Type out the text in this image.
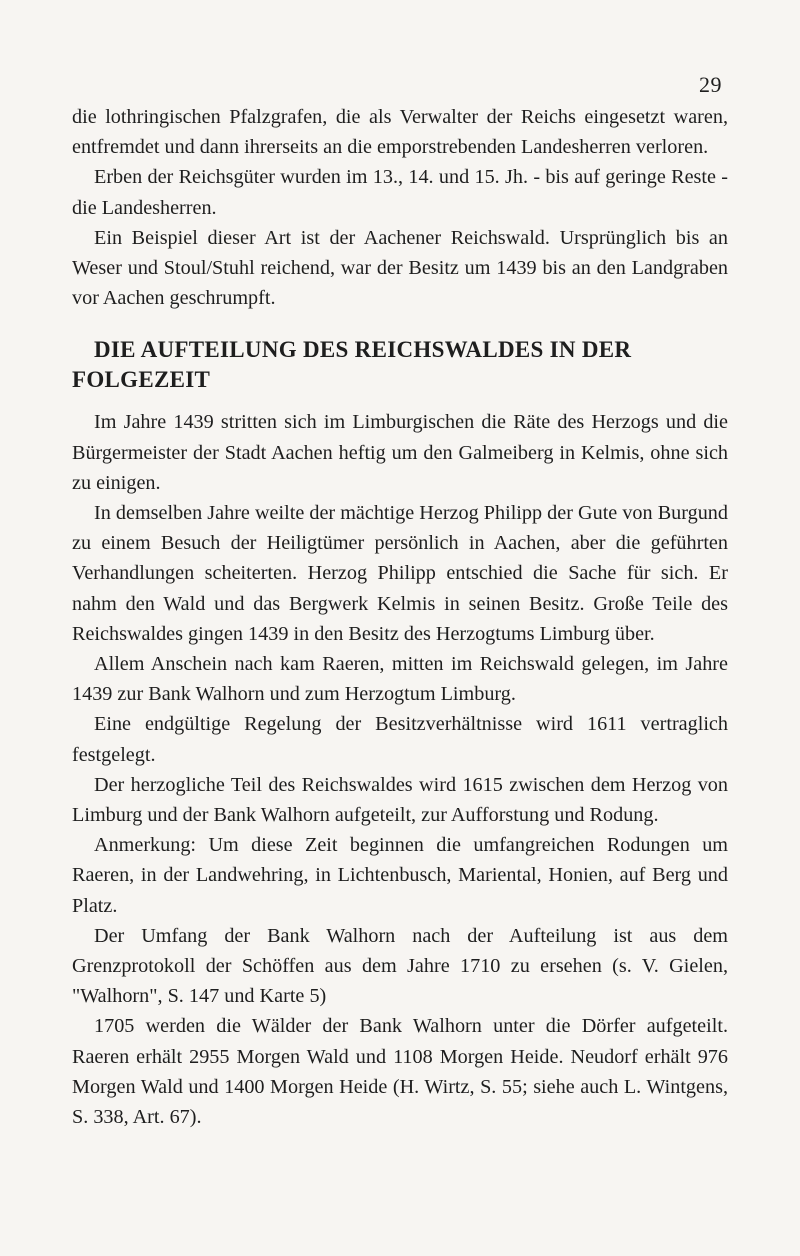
29

die lothringischen Pfalzgrafen, die als Verwalter der Reichs eingesetzt waren, entfremdet und dann ihrerseits an die emporstrebenden Landesherren verloren.

Erben der Reichsgüter wurden im 13., 14. und 15. Jh. - bis auf geringe Reste - die Landesherren.

Ein Beispiel dieser Art ist der Aachener Reichswald. Ursprünglich bis an Weser und Stoul/Stuhl reichend, war der Besitz um 1439 bis an den Landgraben vor Aachen geschrumpft.

DIE AUFTEILUNG DES REICHSWALDES IN DER
FOLGEZEIT

Im Jahre 1439 stritten sich im Limburgischen die Räte des Herzogs und die Bürgermeister der Stadt Aachen heftig um den Galmeiberg in Kelmis, ohne sich zu einigen.

In demselben Jahre weilte der mächtige Herzog Philipp der Gute von Burgund zu einem Besuch der Heiligtümer persönlich in Aachen, aber die geführten Verhandlungen scheiterten. Herzog Philipp entschied die Sache für sich. Er nahm den Wald und das Bergwerk Kelmis in seinen Besitz. Große Teile des Reichswaldes gingen 1439 in den Besitz des Herzogtums Limburg über.

Allem Anschein nach kam Raeren, mitten im Reichswald gelegen, im Jahre 1439 zur Bank Walhorn und zum Herzogtum Limburg.

Eine endgültige Regelung der Besitzverhältnisse wird 1611 vertraglich festgelegt.

Der herzogliche Teil des Reichswaldes wird 1615 zwischen dem Herzog von Limburg und der Bank Walhorn aufgeteilt, zur Aufforstung und Rodung.

Anmerkung: Um diese Zeit beginnen die umfangreichen Rodungen um Raeren, in der Landwehring, in Lichtenbusch, Mariental, Honien, auf Berg und Platz.

Der Umfang der Bank Walhorn nach der Aufteilung ist aus dem Grenzprotokoll der Schöffen aus dem Jahre 1710 zu ersehen (s. V. Gielen, "Walhorn", S. 147 und Karte 5)

1705 werden die Wälder der Bank Walhorn unter die Dörfer aufgeteilt. Raeren erhält 2955 Morgen Wald und 1108 Morgen Heide. Neudorf erhält 976 Morgen Wald und 1400 Morgen Heide (H. Wirtz, S. 55; siehe auch L. Wintgens, S. 338, Art. 67).
